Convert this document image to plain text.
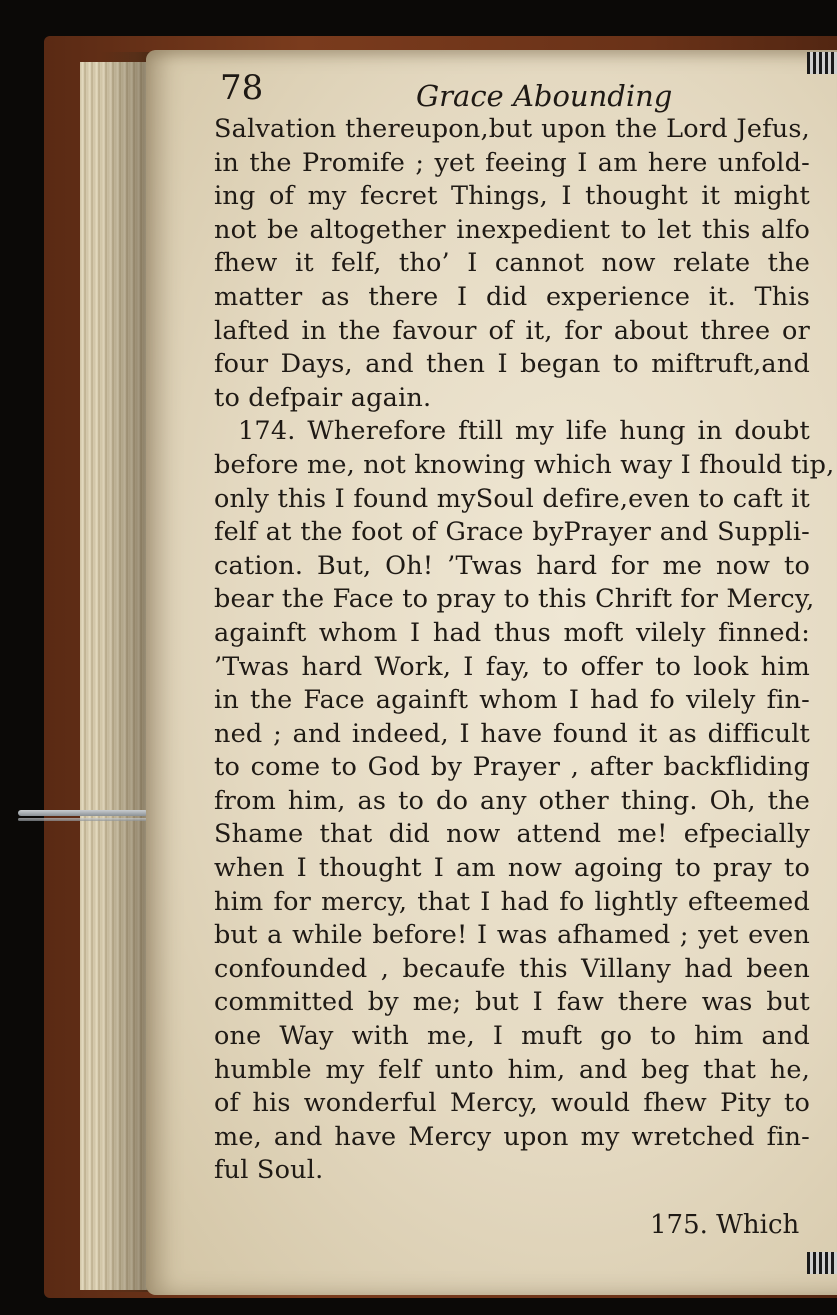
78	Grace Abounding
Salvation thereupon,but upon the Lord Jefus,
in the Promife ; yet feeing I am here unfold-
ing of my fecret Things, I thought it might
not be altogether inexpedient to let this alfo
fhew it felf, tho’ I cannot now relate the
matter as there I did experience it. This
lafted in the favour of it, for about three or
four Days, and then I began to miftruft,and
to defpair again.
174. Wherefore ftill my life hung in doubt
before me, not knowing which way I fhould tip,
only this I found mySoul defire,even to caft it
felf at the foot of Grace byPrayer and Suppli-
cation. But, Oh! ’Twas hard for me now to
bear the Face to pray to this Chrift for Mercy,
againft whom I had thus moft vilely finned:
’Twas hard Work, I fay, to offer to look him
in the Face againft whom I had fo vilely fin-
ned ; and indeed, I have found it as difficult
to come to God by Prayer , after backfliding
from him, as to do any other thing. Oh, the
Shame that did now attend me! efpecially
when I thought I am now agoing to pray to
him for mercy, that I had fo lightly efteemed
but a while before! I was afhamed ; yet even
confounded , becaufe this Villany had been
committed by me; but I faw there was but
one Way with me, I muft go to him and
humble my felf unto him, and beg that he,
of his wonderful Mercy, would fhew Pity to
me, and have Mercy upon my wretched fin-
ful Soul.
175. Which
